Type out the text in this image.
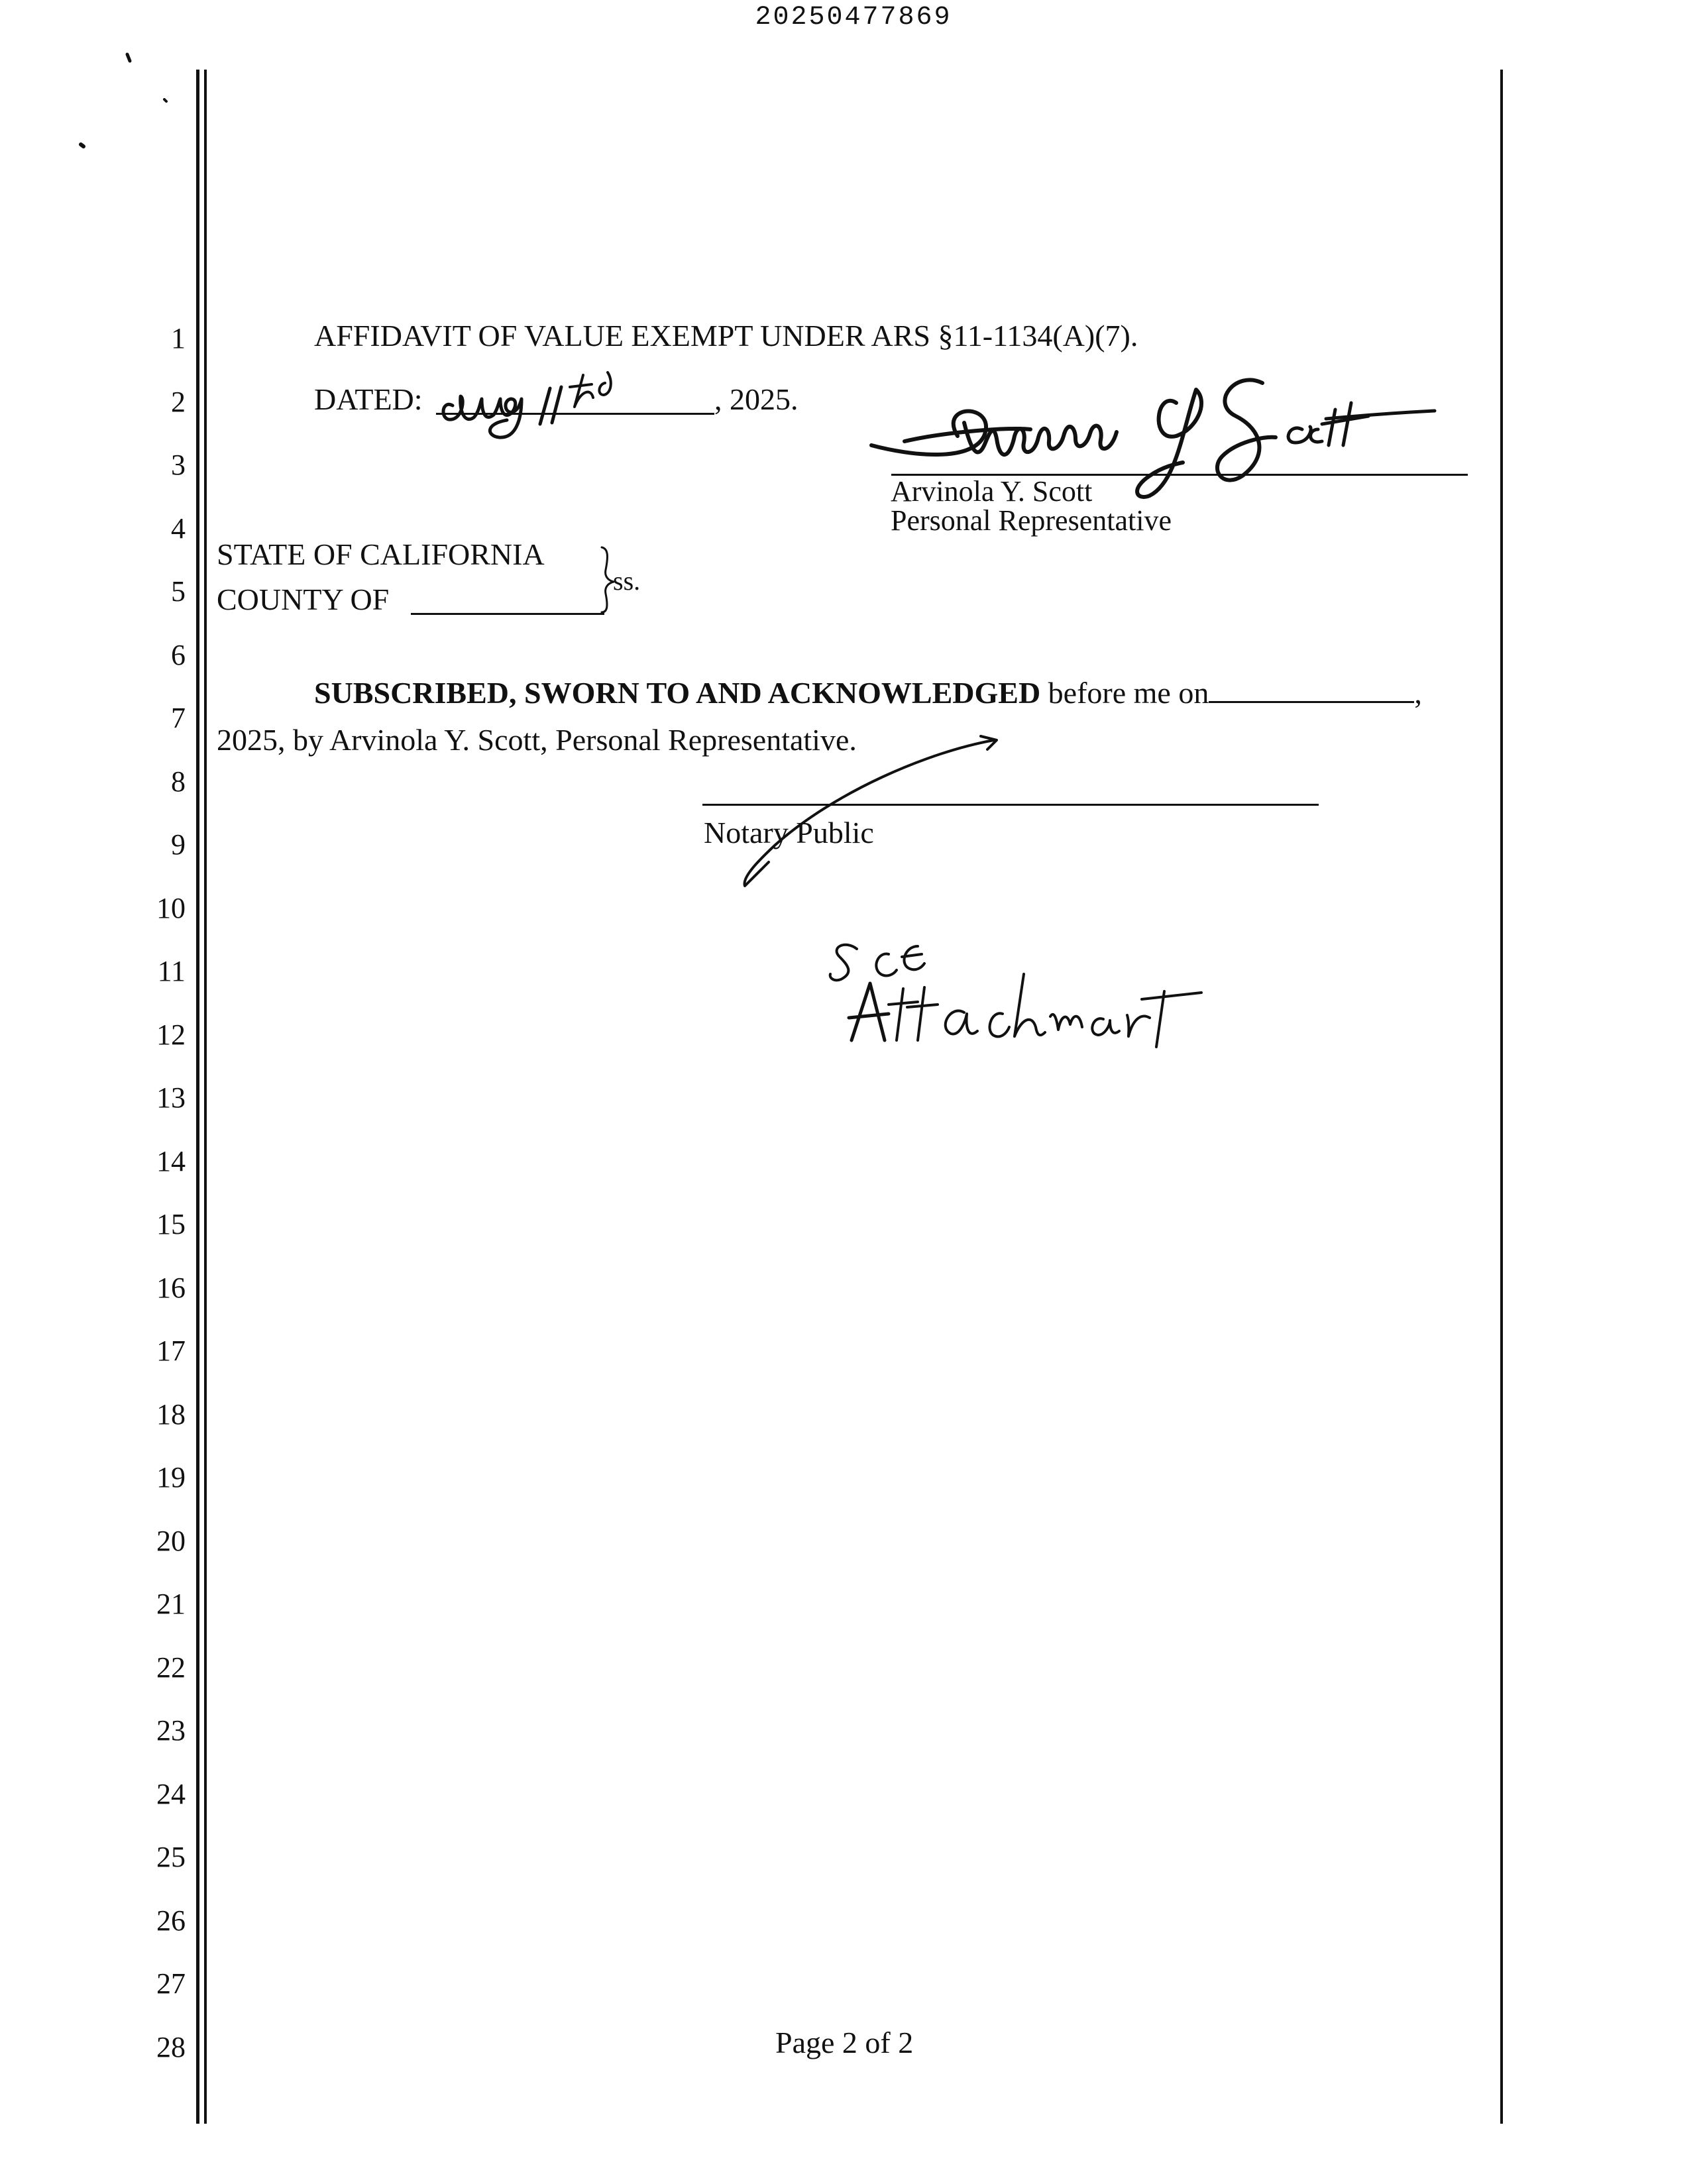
20250477869
1
2
3
4
5
6
7
8
9
10
11
12
13
14
15
16
17
18
19
20
21
22
23
24
25
26
27
28
AFFIDAVIT OF VALUE EXEMPT UNDER ARS §11-1134(A)(7).
DATED:	, 2025.
Arvinola Y. Scott
Personal Representative
STATE OF CALIFORNIA
COUNTY OF
ss.
SUBSCRIBED, SWORN TO AND ACKNOWLEDGED before me on	,
2025, by Arvinola Y. Scott, Personal Representative.
Notary Public
Page 2 of 2
